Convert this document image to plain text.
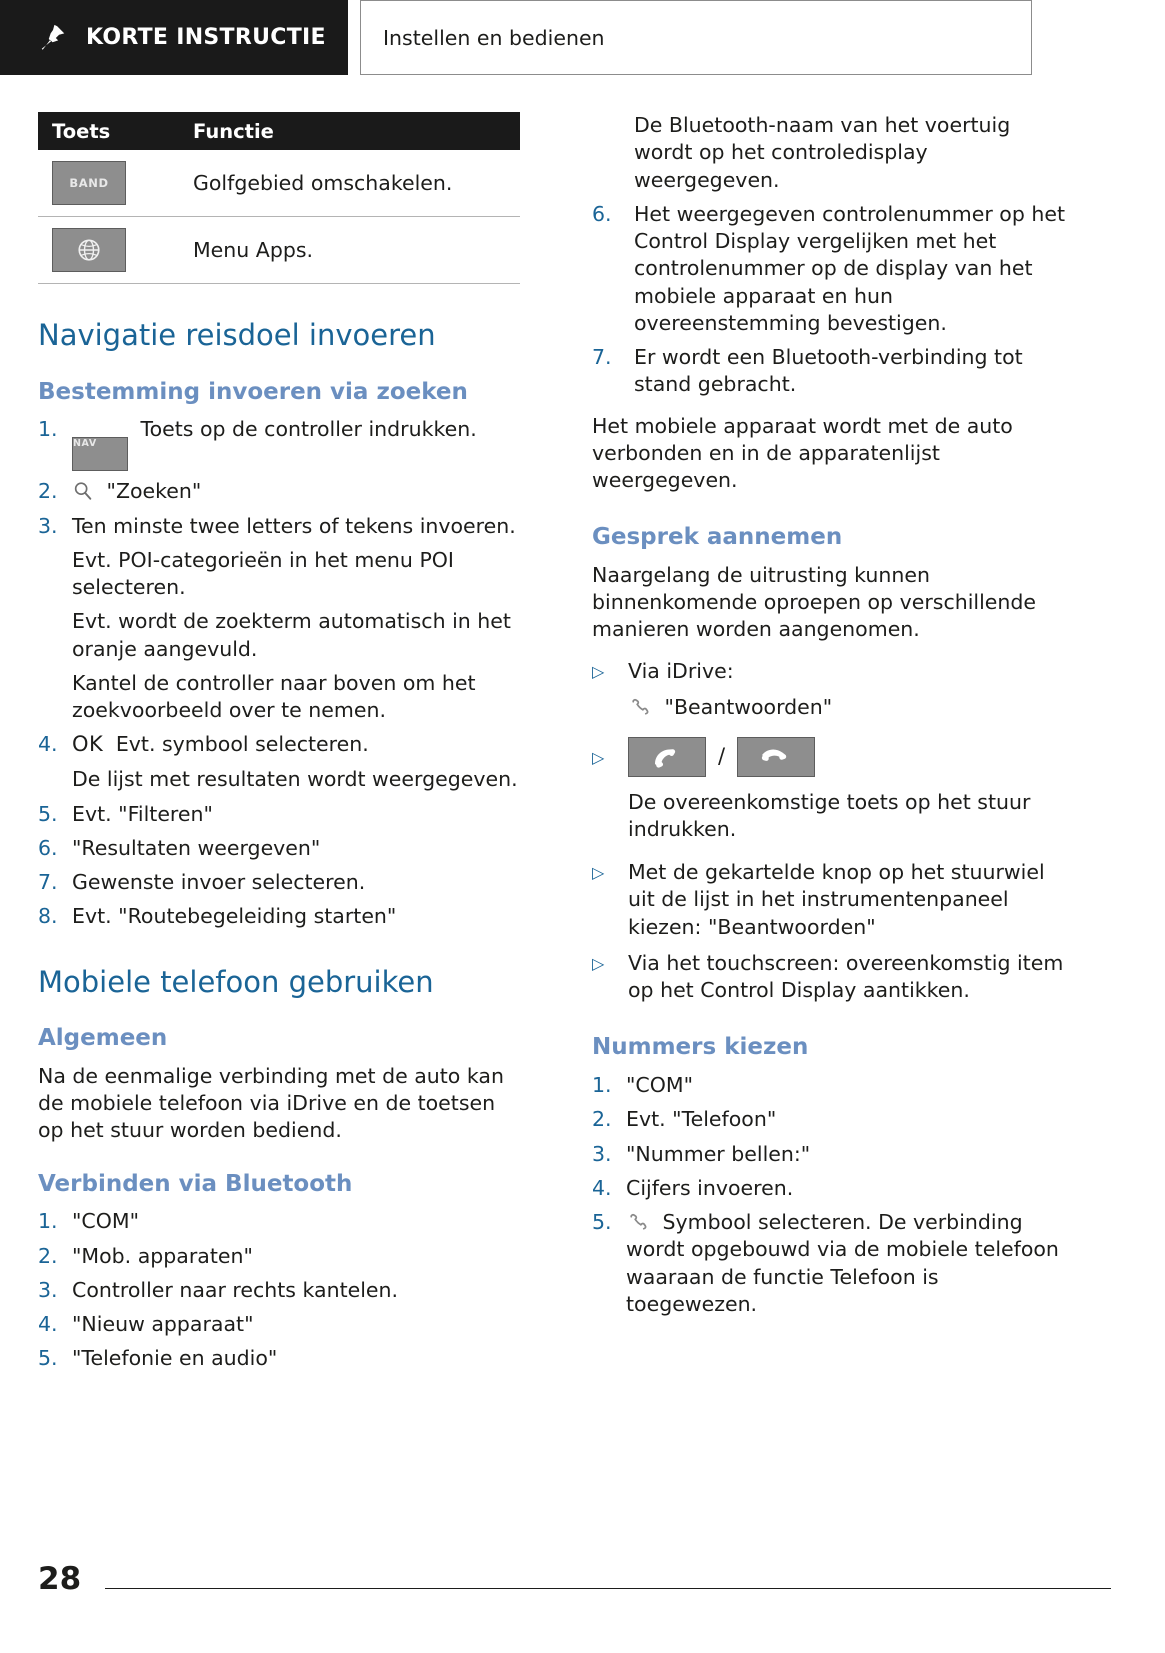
KORTE INSTRUCTIE	Instellen en bedienen
Toets	Functie
BAND	Golfgebied omschakelen.
Menu Apps.
Navigatie reisdoel invoeren
Bestemming invoeren via zoeken
1.
NAV Toets op de controller indrukken.
2.	"Zoeken"
3. Ten minste twee letters of tekens invoeren.
Evt. POI-categorieën in het menu POI selecteren.
Evt. wordt de zoekterm automatisch in het oranje aangevuld.
Kantel de controller naar boven om het zoekvoorbeeld over te nemen.
4. OK Evt. symbool selecteren.
De lijst met resultaten wordt weergegeven.
5. Evt. "Filteren"
6. "Resultaten weergeven"
7. Gewenste invoer selecteren.
8. Evt. "Routebegeleiding starten"
Mobiele telefoon gebruiken
Algemeen

Na de eenmalige verbinding met de auto kan de mobiele telefoon via iDrive en de toetsen op het stuur worden bediend.

Verbinden via Bluetooth
1. "COM"
2. "Mob. apparaten"
3. Controller naar rechts kantelen.
4. "Nieuw apparaat"
5. "Telefonie en audio"
De Bluetooth-naam van het voertuig wordt op het controledisplay weergegeven.
6.	Het weergegeven controlenummer op het Control Display vergelijken met het controlenummer op de display van het mobiele apparaat en hun overeenstemming bevestigen.
7.	Er wordt een Bluetooth-verbinding tot stand gebracht.

Het mobiele apparaat wordt met de auto verbonden en in de apparatenlijst weergegeven.

Gesprek aannemen

Naargelang de uitrusting kunnen binnenkomende oproepen op verschillende manieren worden aangenomen.

▷	Via iDrive:
"Beantwoorden"
▷	/
De overeenkomstige toets op het stuur indrukken.
▷	Met de gekartelde knop op het stuurwiel uit de lijst in het instrumentenpaneel kiezen: "Beantwoorden"
▷	Via het touchscreen: overeenkomstig item op het Control Display aantikken.
Nummers kiezen
1. "COM"
2. Evt. "Telefoon"
3. "Nummer bellen:"
4. Cijfers invoeren.
5.	Symbool selecteren. De verbinding wordt opgebouwd via de mobiele telefoon waaraan de functie Telefoon is toegewezen.
28
